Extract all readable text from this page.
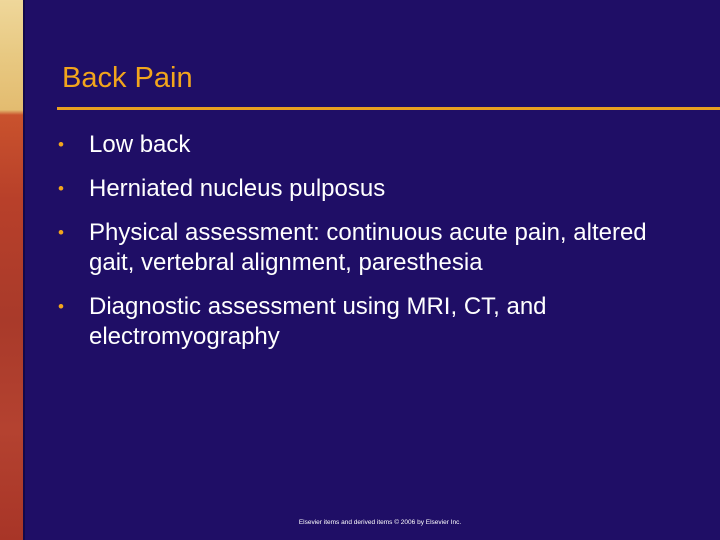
Back Pain
• Low back
• Herniated nucleus pulposus
• Physical assessment: continuous acute pain, altered gait, vertebral alignment, paresthesia
• Diagnostic assessment using MRI, CT, and electromyography
Elsevier items and derived items © 2006 by Elsevier Inc.
